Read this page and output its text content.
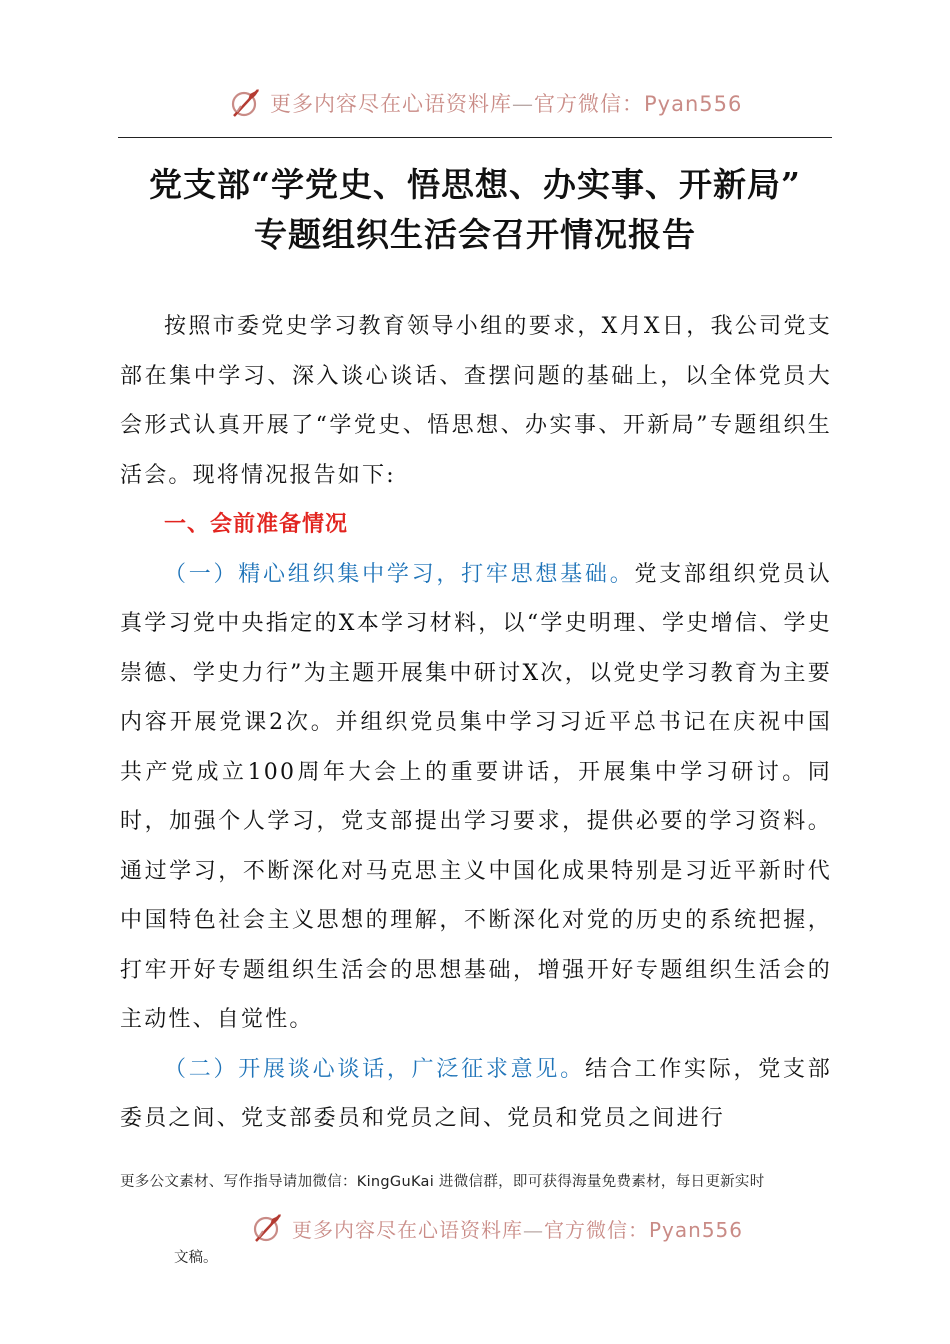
更多内容尽在心语资料库—官方微信：Pyan556
党支部“学党史、悟思想、办实事、开新局”
专题组织生活会召开情况报告

按照市委党史学习教育领导小组的要求，X月X日，我公司党支部在集中学习、深入谈心谈话、查摆问题的基础上，以全体党员大会形式认真开展了“学党史、悟思想、办实事、开新局”专题组织生活会。现将情况报告如下:

一、会前准备情况

（一）精心组织集中学习，打牢思想基础。党支部组织党员认真学习党中央指定的X本学习材料，以“学史明理、学史增信、学史崇德、学史力行”为主题开展集中研讨X次，以党史学习教育为主要内容开展党课2次。并组织党员集中学习习近平总书记在庆祝中国共产党成立100周年大会上的重要讲话，开展集中学习研讨。同时，加强个人学习，党支部提出学习要求，提供必要的学习资料。通过学习，不断深化对马克思主义中国化成果特别是习近平新时代中国特色社会主义思想的理解，不断深化对党的历史的系统把握，打牢开好专题组织生活会的思想基础，增强开好专题组织生活会的主动性、自觉性。

（二）开展谈心谈话，广泛征求意见。结合工作实际，党支部委员之间、党支部委员和党员之间、党员和党员之间进行

更多公文素材、写作指导请加微信：KingGuKai 进微信群，即可获得海量免费素材，每日更新实时
更多内容尽在心语资料库—官方微信：Pyan556
文稿。
